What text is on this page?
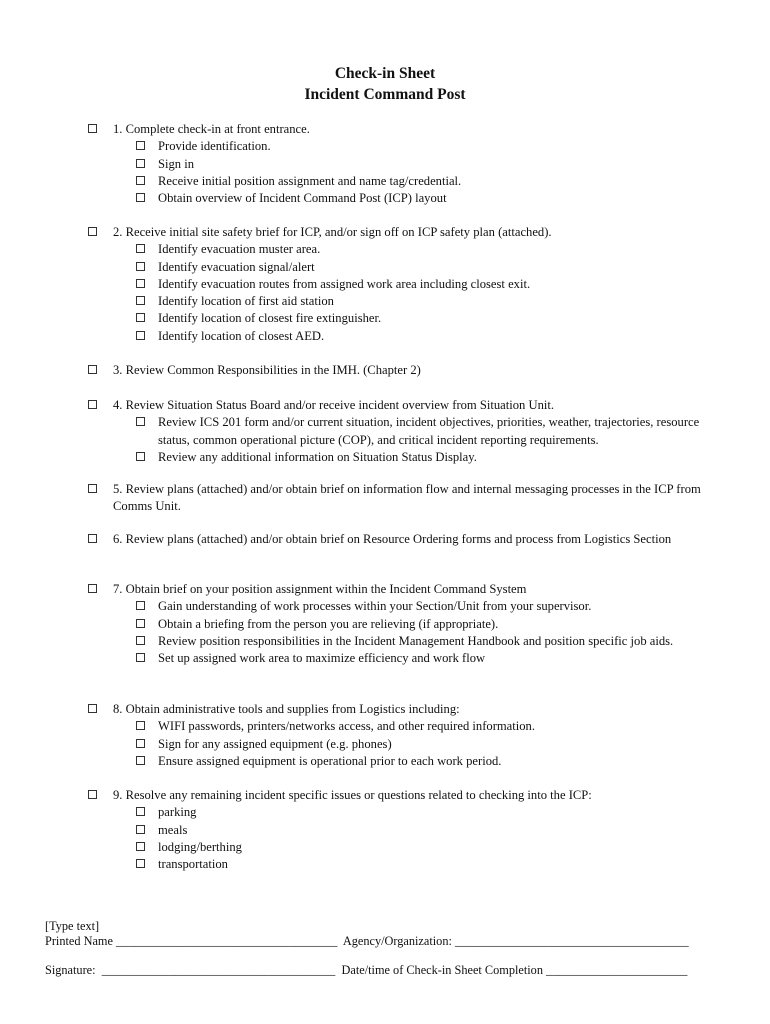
Check-in Sheet
Incident Command Post
1. Complete check-in at front entrance.
Provide identification.
Sign in
Receive initial position assignment and name tag/credential.
Obtain overview of Incident Command Post (ICP) layout
2. Receive initial site safety brief for ICP, and/or sign off on ICP safety plan (attached).
Identify evacuation muster area.
Identify evacuation signal/alert
Identify evacuation routes from assigned work area including closest exit.
Identify location of first aid station
Identify location of closest fire extinguisher.
Identify location of closest AED.
3. Review Common Responsibilities in the IMH. (Chapter 2)
4. Review Situation Status Board and/or receive incident overview from Situation Unit.
Review ICS 201 form and/or current situation, incident objectives, priorities, weather, trajectories, resource status, common operational picture (COP), and critical incident reporting requirements.
Review any additional information on Situation Status Display.
5. Review plans (attached) and/or obtain brief on information flow and internal messaging processes in the ICP from Comms Unit.
6. Review plans (attached) and/or obtain brief on Resource Ordering forms and process from Logistics Section
7. Obtain brief on your position assignment within the Incident Command System
Gain understanding of work processes within your Section/Unit from your supervisor.
Obtain a briefing from the person you are relieving (if appropriate).
Review position responsibilities in the Incident Management Handbook and position specific job aids.
Set up assigned work area to maximize efficiency and work flow
8. Obtain administrative tools and supplies from Logistics including:
WIFI passwords, printers/networks access, and other required information.
Sign for any assigned equipment (e.g. phones)
Ensure assigned equipment is operational prior to each work period.
9. Resolve any remaining incident specific issues or questions related to checking into the ICP:
parking
meals
lodging/berthing
transportation
[Type text]
Printed Name ____________________________________  Agency/Organization: ______________________________________
Signature:  ______________________________________  Date/time of Check-in Sheet Completion _______________________
